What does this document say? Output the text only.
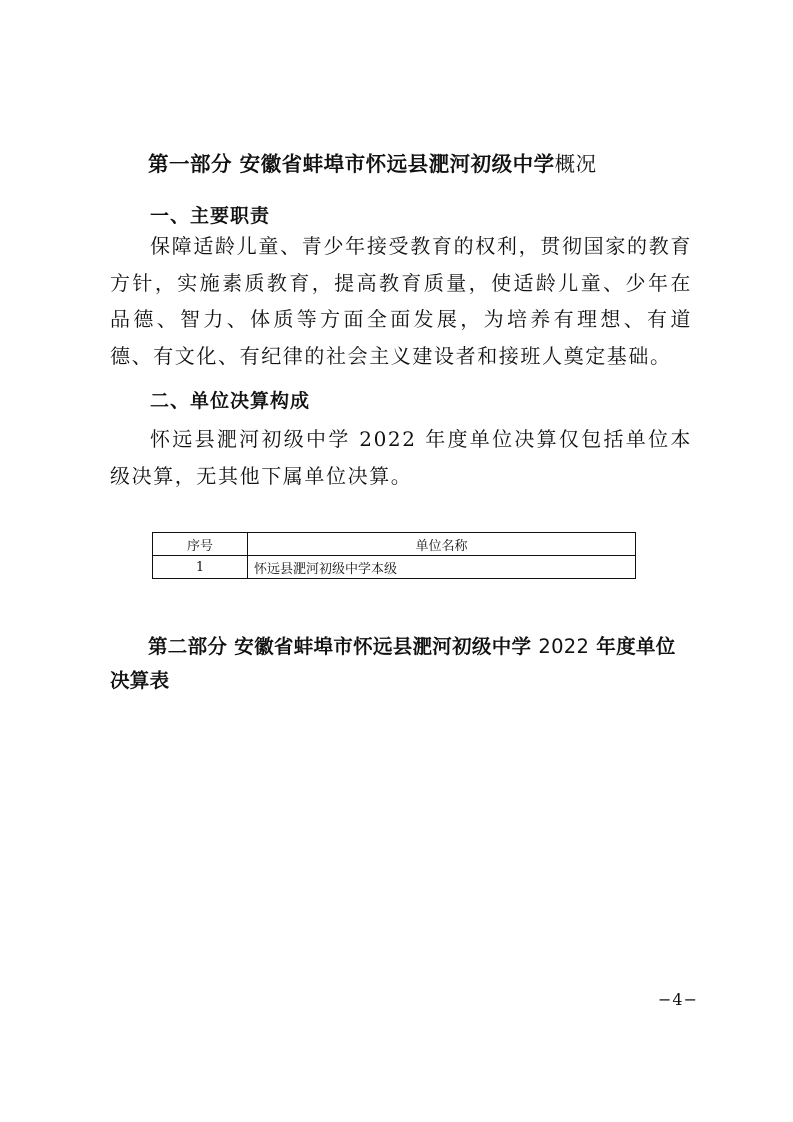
第一部分 安徽省蚌埠市怀远县淝河初级中学概况
一、主要职责

保障适龄儿童、青少年接受教育的权利，贯彻国家的教育方针，实施素质教育，提高教育质量，使适龄儿童、少年在品德、智力、体质等方面全面发展，为培养有理想、有道德、有文化、有纪律的社会主义建设者和接班人奠定基础。

二、单位决算构成

怀远县淝河初级中学 2022 年度单位决算仅包括单位本级决算，无其他下属单位决算。

序号	单位名称
1	怀远县淝河初级中学本级

第二部分 安徽省蚌埠市怀远县淝河初级中学 2022 年度单位决算表

−4−
